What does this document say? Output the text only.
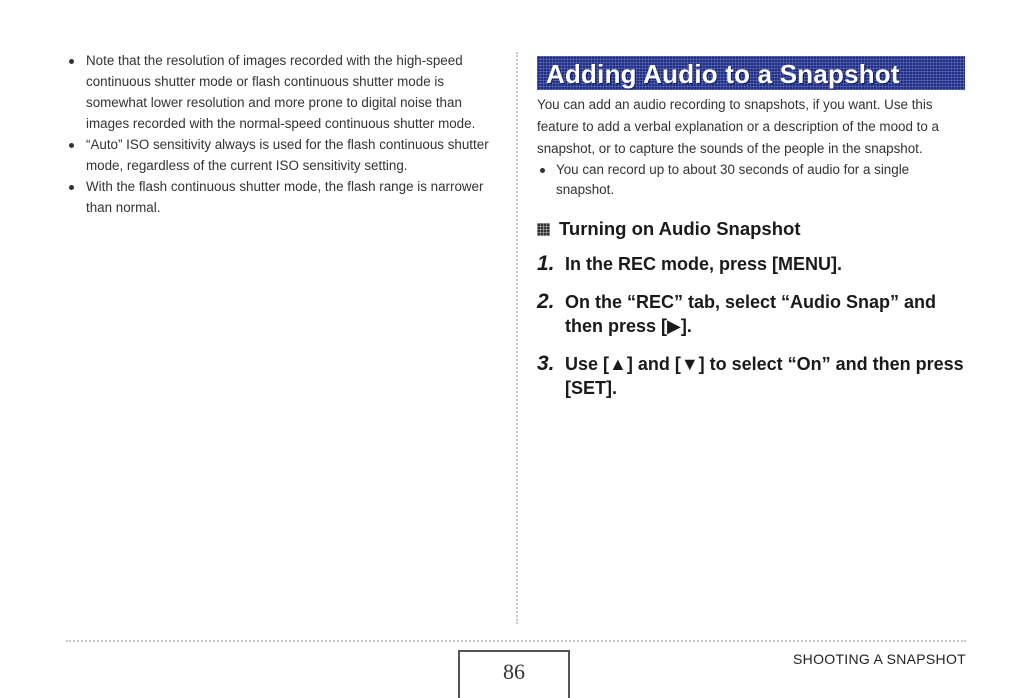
Note that the resolution of images recorded with the high-speed continuous shutter mode or flash continuous shutter mode is somewhat lower resolution and more prone to digital noise than images recorded with the normal-speed continuous shutter mode.
“Auto” ISO sensitivity always is used for the flash continuous shutter mode, regardless of the current ISO sensitivity setting.
With the flash continuous shutter mode, the flash range is narrower than normal.
Adding Audio to a Snapshot

You can add an audio recording to snapshots, if you want. Use this feature to add a verbal explanation or a description of the mood to a snapshot, or to capture the sounds of the people in the snapshot.

You can record up to about 30 seconds of audio for a single snapshot.
Turning on Audio Snapshot
1. In the REC mode, press [MENU].
2. On the “REC” tab, select “Audio Snap” and then press [▶].
3. Use [▲] and [▼] to select “On” and then press [SET].
86	SHOOTING A SNAPSHOT
